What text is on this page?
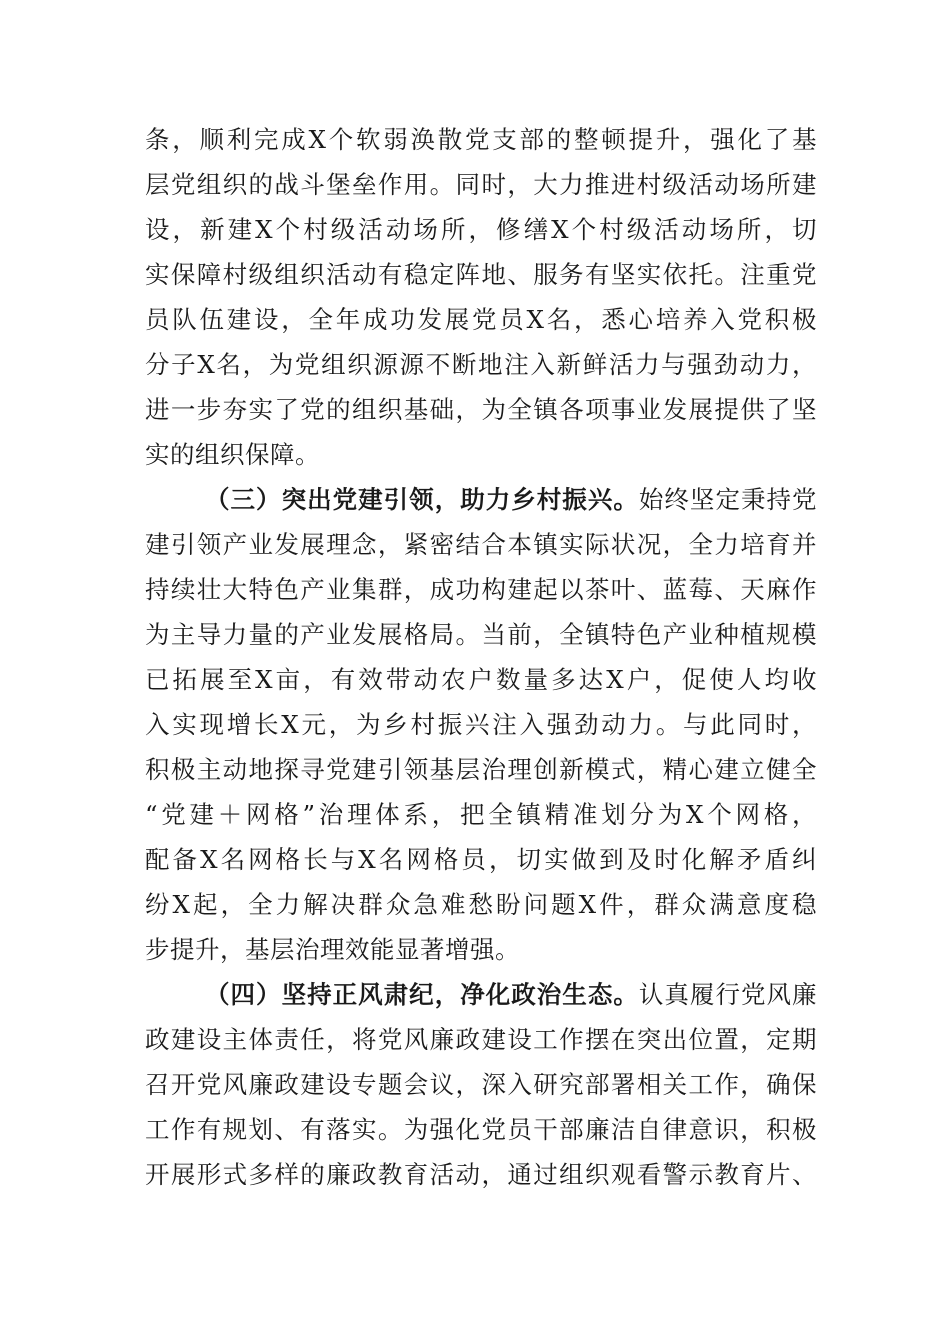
条，顺利完成X个软弱涣散党支部的整顿提升，强化了基
层党组织的战斗堡垒作用。同时，大力推进村级活动场所建
设，新建X个村级活动场所，修缮X个村级活动场所，切
实保障村级组织活动有稳定阵地、服务有坚实依托。注重党
员队伍建设，全年成功发展党员X名，悉心培养入党积极
分子X名，为党组织源源不断地注入新鲜活力与强劲动力，
进一步夯实了党的组织基础，为全镇各项事业发展提供了坚
实的组织保障。
（三）突出党建引领，助力乡村振兴。始终坚定秉持党
建引领产业发展理念，紧密结合本镇实际状况，全力培育并
持续壮大特色产业集群，成功构建起以茶叶、蓝莓、天麻作
为主导力量的产业发展格局。当前，全镇特色产业种植规模
已拓展至X亩，有效带动农户数量多达X户，促使人均收
入实现增长X元，为乡村振兴注入强劲动力。与此同时，
积极主动地探寻党建引领基层治理创新模式，精心建立健全
“党建＋网格”治理体系，把全镇精准划分为X个网格，
配备X名网格长与X名网格员，切实做到及时化解矛盾纠
纷X起，全力解决群众急难愁盼问题X件，群众满意度稳
步提升，基层治理效能显著增强。
（四）坚持正风肃纪，净化政治生态。认真履行党风廉
政建设主体责任，将党风廉政建设工作摆在突出位置，定期
召开党风廉政建设专题会议，深入研究部署相关工作，确保
工作有规划、有落实。为强化党员干部廉洁自律意识，积极
开展形式多样的廉政教育活动，通过组织观看警示教育片、
